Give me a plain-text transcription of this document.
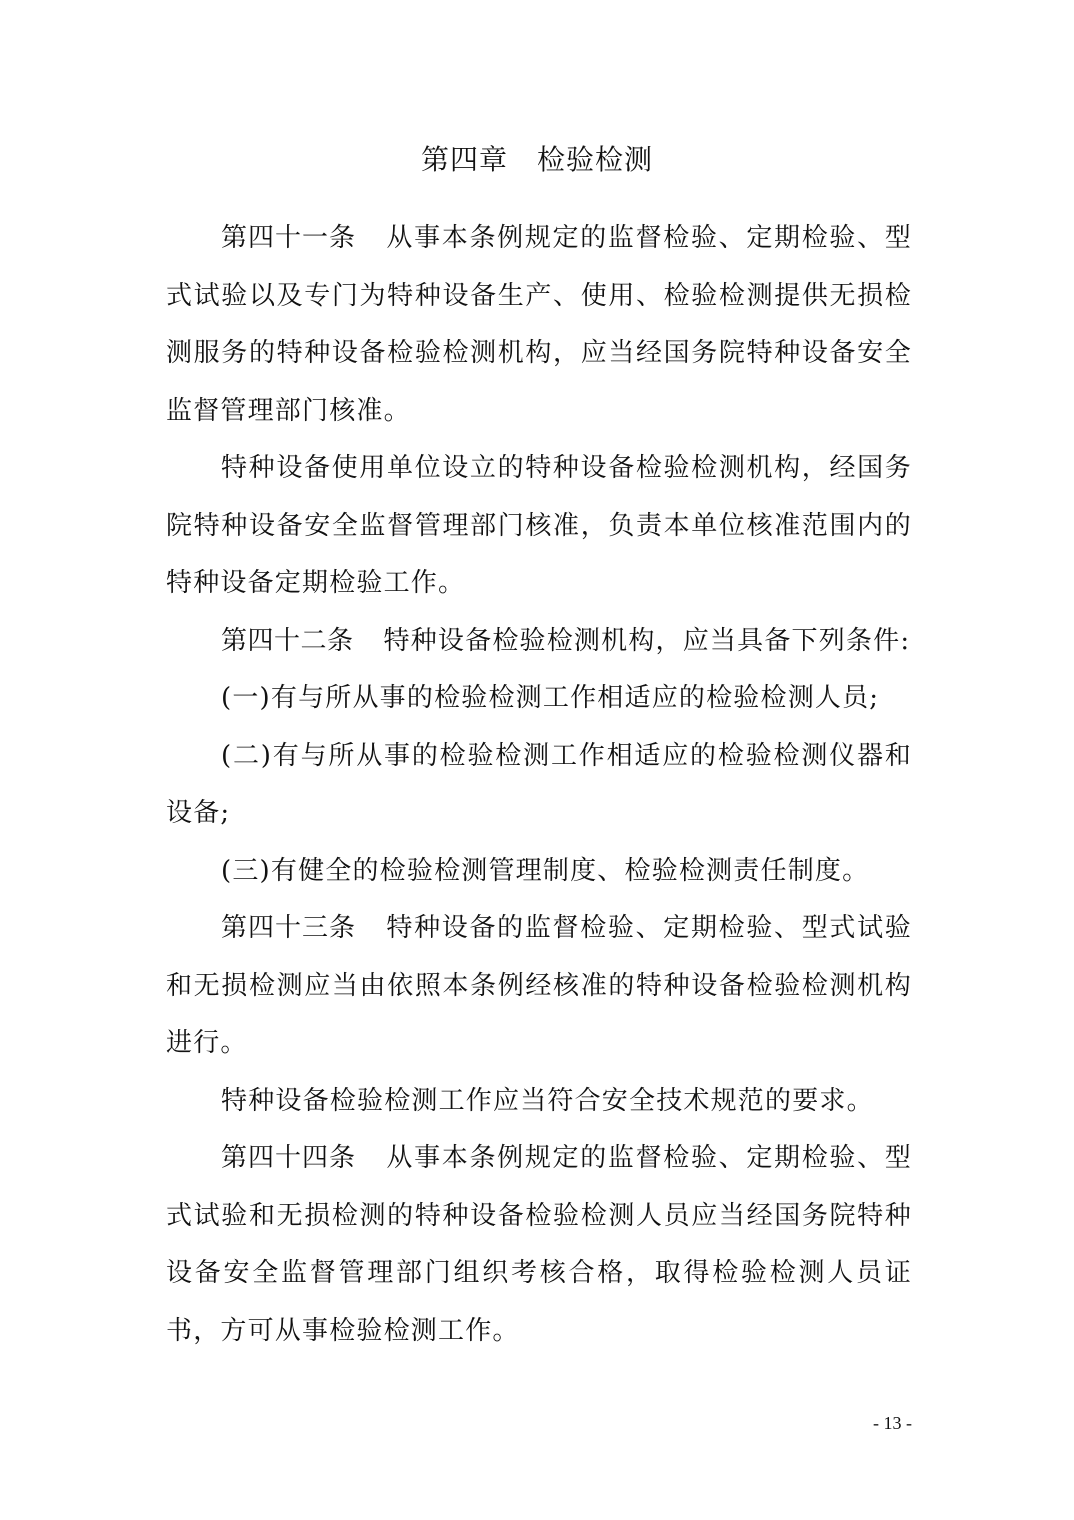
第四章　检验检测

第四十一条 从事本条例规定的监督检验、定期检验、型式试验以及专门为特种设备生产、使用、检验检测提供无损检测服务的特种设备检验检测机构，应当经国务院特种设备安全监督管理部门核准。

特种设备使用单位设立的特种设备检验检测机构，经国务院特种设备安全监督管理部门核准，负责本单位核准范围内的特种设备定期检验工作。

第四十二条 特种设备检验检测机构，应当具备下列条件:

(一)有与所从事的检验检测工作相适应的检验检测人员;

(二)有与所从事的检验检测工作相适应的检验检测仪器和设备;

(三)有健全的检验检测管理制度、检验检测责任制度。

第四十三条 特种设备的监督检验、定期检验、型式试验和无损检测应当由依照本条例经核准的特种设备检验检测机构进行。

特种设备检验检测工作应当符合安全技术规范的要求。

第四十四条 从事本条例规定的监督检验、定期检验、型式试验和无损检测的特种设备检验检测人员应当经国务院特种设备安全监督管理部门组织考核合格，取得检验检测人员证书，方可从事检验检测工作。

- 13 -
